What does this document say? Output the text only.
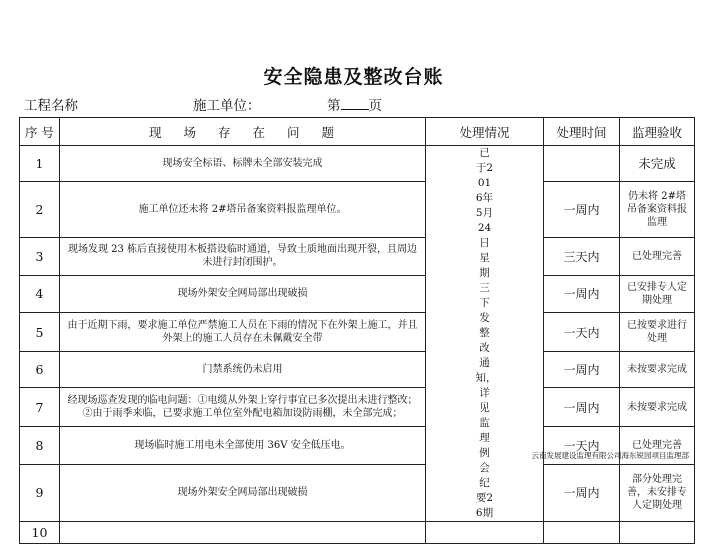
安全隐患及整改台账
工程名称	施工单位：	第 页
序 号	现 场 存 在 问 题	处理情况	处理时间	监理验收
1	现场安全标语、标牌未全部安装完成	已于2016年5月24日星期三下发整改通知，详见监理例会纪要26期		未完成
2	施工单位还未将 2#塔吊备案资料报监理单位。		一周内	仍未将 2#塔吊备案资料报监理
3	现场发现 23 栋后直接使用木板搭设临时通道，导致土质地面出现开裂，且周边未进行封闭围护。		三天内	已处理完善
4	现场外架安全网局部出现破损		一周内	已安排专人定期处理
5	由于近期下雨，要求施工单位严禁施工人员在下雨的情况下在外架上施工，并且外架上的施工人员存在未佩戴安全带		一天内	已按要求进行处理
6	门禁系统仍未启用		一周内	未按要求完成
7	经现场巡查发现的临电问题：①电缆从外架上穿行事宜已多次提出未进行整改；②由于雨季来临，已要求施工单位室外配电箱加设防雨棚，未全部完成；		一周内	未按要求完成
8	现场临时施工用电未全部使用 36V 安全低压电。		一天内	已处理完善
9	现场外架安全网局部出现破损		一周内	部分处理完善，未安排专人定期处理
10				
云南发展建设监理有限公司海东锐园项目监理部
